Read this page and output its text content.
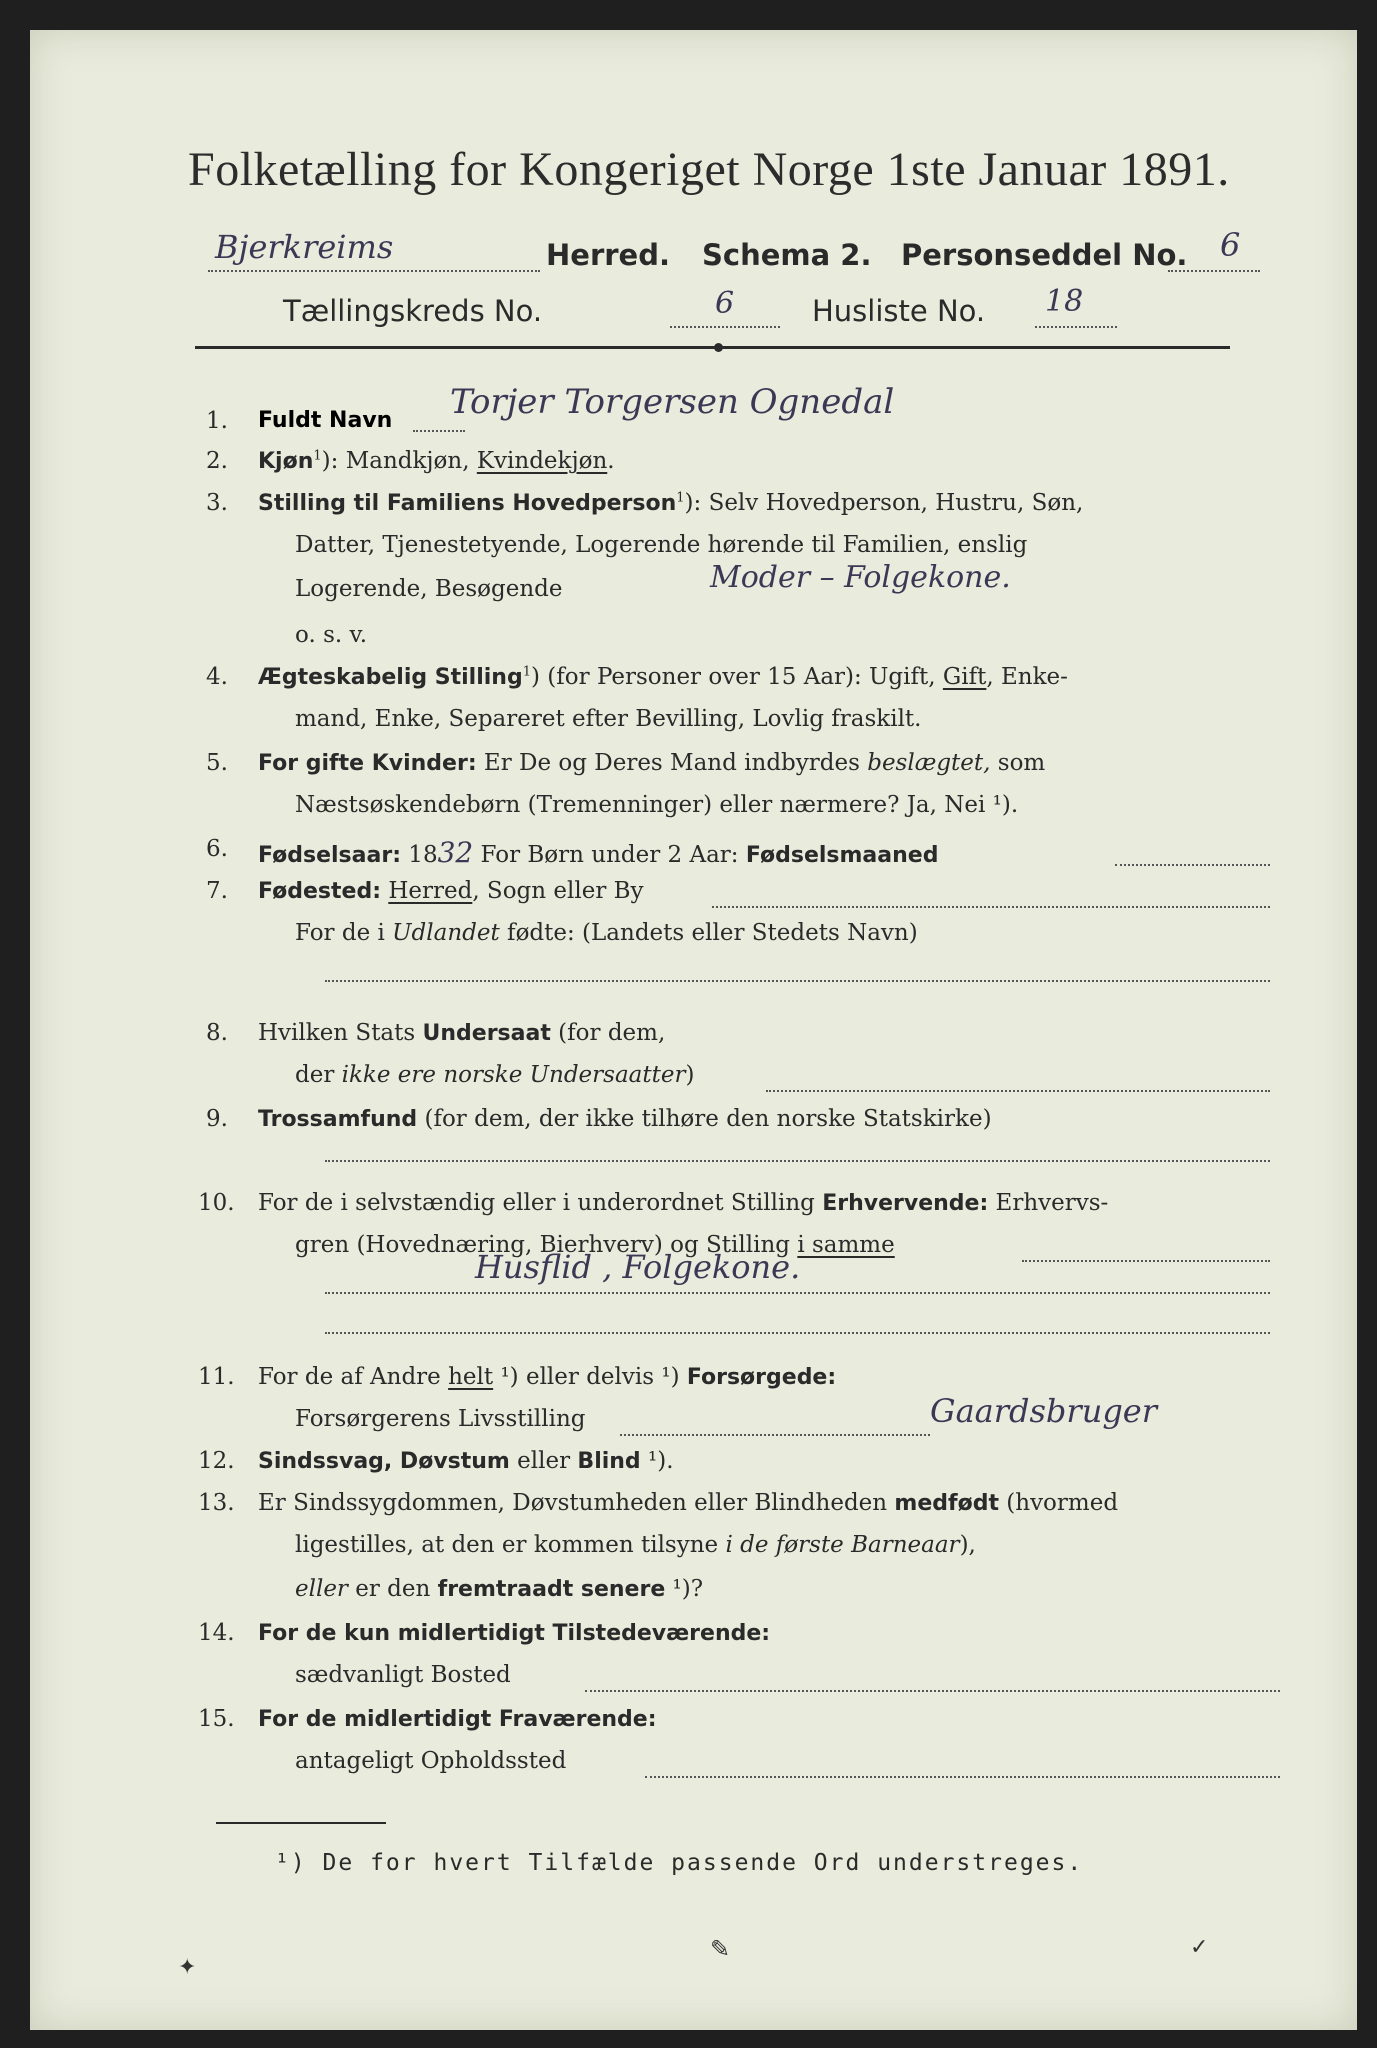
Folketælling for Kongeriget Norge 1ste Januar 1891.
Bjerkreims	Herred. Schema 2. Personseddel No. 6
Tællingskreds No.	6	Husliste No. 18
1. Fuldt Navn Torjer Torgersen Ognedal
2. Kjøn$^1$): Mandkjøn, Kvindekjøn.
3. Stilling til Familiens Hovedperson$^1$): Selv Hovedperson, Hustru, Søn,
Datter, Tjenestetyende, Logerende hørende til Familien, enslig
Logerende, Besøgende	Moder – Folgekone.
o. s. v.
4. Ægteskabelig Stilling$^1$) (for Personer over 15 Aar): Ugift, Gift, Enke-
mand, Enke, Separeret efter Bevilling, Lovlig fraskilt.
5. For gifte Kvinder: Er De og Deres Mand indbyrdes beslægtet, som
Næstsøskendebørn (Tremenninger) eller nærmere? Ja, Nei ¹).
6. Fødselsaar: 1832 For Børn under 2 Aar: Fødselsmaaned
7. Fødested: Herred, Sogn eller By
For de i Udlandet fødte: (Landets eller Stedets Navn)
8. Hvilken Stats Undersaat (for dem,
der ikke ere norske Undersaatter)
9. Trossamfund (for dem, der ikke tilhøre den norske Statskirke)
10. For de i selvstændig eller i underordnet Stilling Erhvervende: Erhvervs-
gren (Hovednæring, Bierhverv) og Stilling i samme
Husflid , Folgekone.
11. For de af Andre helt ¹) eller delvis ¹) Forsørgede:
Forsørgerens Livsstilling	Gaardsbruger
12. Sindssvag, Døvstum eller Blind ¹).
13. Er Sindssygdommen, Døvstumheden eller Blindheden medfødt (hvormed
ligestilles, at den er kommen tilsyne i de første Barneaar),
eller er den fremtraadt senere ¹)?
14. For de kun midlertidigt Tilstedeværende:
sædvanligt Bosted
15. For de midlertidigt Fraværende:
antageligt Opholdssted
¹) De for hvert Tilfælde passende Ord understreges.
✦
✎	✓
